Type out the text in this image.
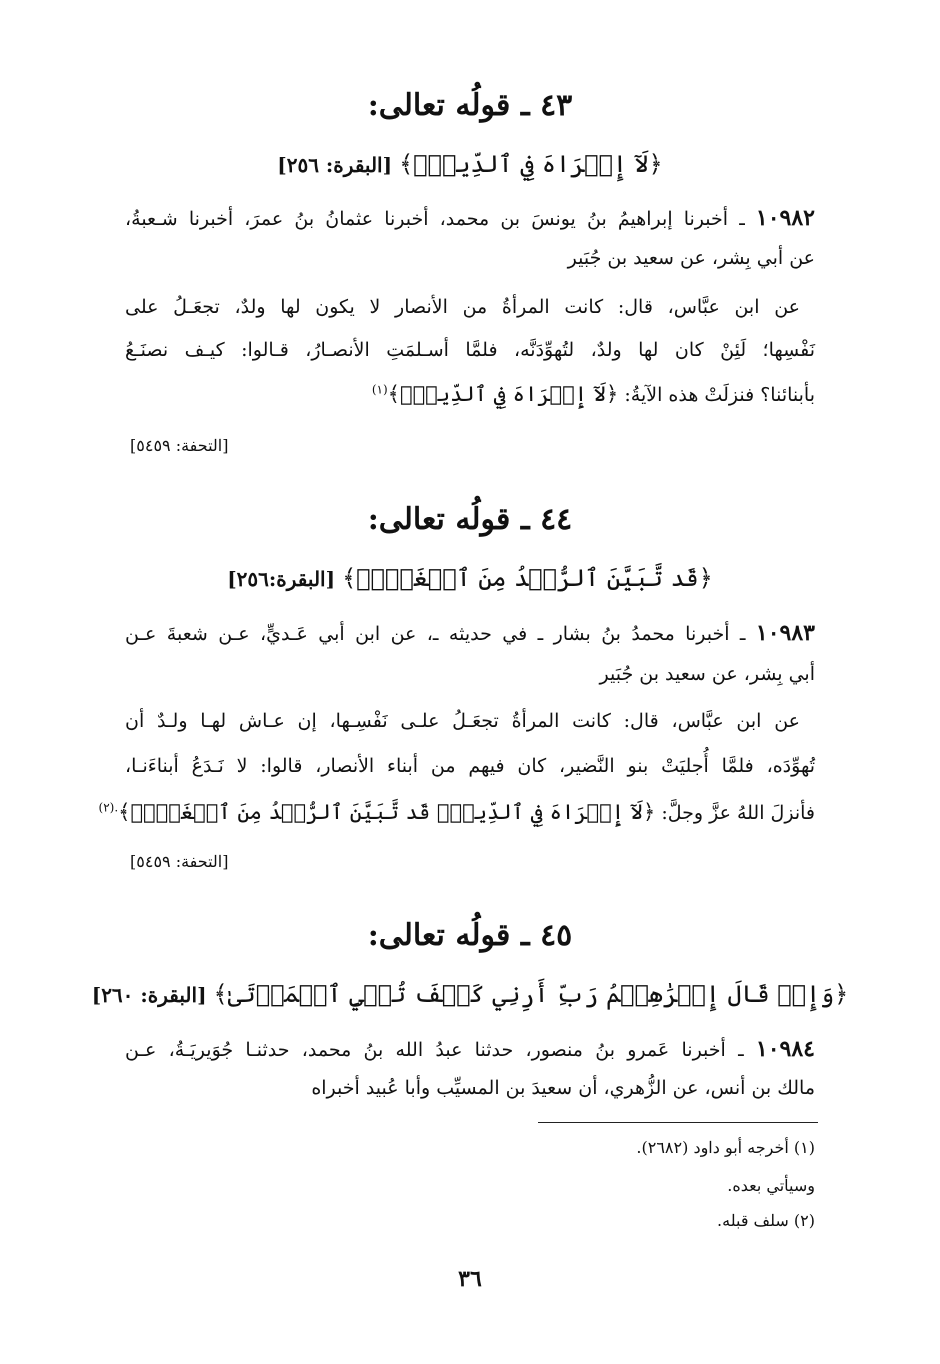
٤٣ ـ قولُه تعالى:
﴿لَآ إِكۡرَاهَ فِي ٱلدِّينِۖ﴾ [البقرة: ٢٥٦]
١٠٩٨٢ ـ أخبرنا إبراهيمُ بنُ يونسَ بن محمد، أخبرنا عثمانُ بنُ عمرَ، أخبرنا شـعبةُ،
عن أبي بِشر، عن سعيد بن جُبَير
عن ابن عبَّاس، قال: كانت المرأةُ من الأنصار لا يكون لها ولدٌ، تجعَـلُ على
نَفْسِها؛ لَئِنْ كان لها ولدٌ، لتُهوِّدَنَّه، فلمَّا أسـلمَتِ الأنصـارُ، قـالوا: كيـف نصنَـعُ
بأبنائنا؟ فنزلَتْ هذه الآيةُ: ﴿لَآ إِكۡرَاهَ فِي ٱلدِّينِۖ﴾$^{(١)}$
[التحفة: ٥٤٥٩]
٤٤ ـ قولُه تعالى:
﴿قَد تَّبَيَّنَ ٱلرُّشۡدُ مِنَ ٱلۡغَيِّۚ﴾ [البقرة:٢٥٦]
١٠٩٨٣ ـ أخبرنا محمدُ بنُ بشار ـ في حديثه ـ، عن ابن أبي عَـديٍّ، عـن شعبةَ عـن
أبي بِشر، عن سعيد بن جُبَير
عن ابن عبَّاس، قال: كانت المرأةُ تجعَـلُ علـى نَفْسِـها، إن عـاش لهـا ولـدٌ أن
تُهوِّدَه، فلمَّا أُجليَتْ بنو النَّضير، كان فيهم من أبناء الأنصار، قالوا: لا نَـدَعُ أبناءَنـا،
فأنزلَ اللهُ عزَّ وجلَّ: ﴿لَآ إِكۡرَاهَ فِي ٱلدِّينِۖ قَد تَّبَيَّنَ ٱلرُّشۡدُ مِنَ ٱلۡغَيِّۚ﴾$^{.(٢)}$
[التحفة: ٥٤٥٩]
٤٥ ـ قولُه تعالى:
﴿وَإِذۡ قَالَ إِبۡرَٰهِـۧمُ رَبِّ أَرِنِي كَيۡفَ تُحۡيِ ٱلۡمَوۡتَىٰ﴾ [البقرة: ٢٦٠]
١٠٩٨٤ ـ أخبرنا عَمرو بنُ منصور، حدثنا عبدُ الله بنُ محمد، حدثنـا جُوَيريَـةُ، عـن
مالك بن أنس، عن الزُّهري، أن سعيدَ بن المسيِّب وأبا عُبيد أخبراه
(١) أخرجه أبو داود (٢٦٨٢).
وسيأتي بعده.
(٢) سلف قبله.
٣٦
